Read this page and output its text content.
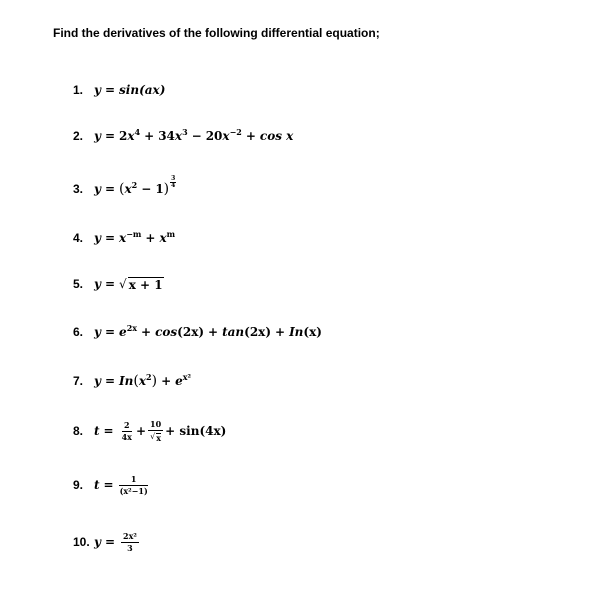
Find the derivatives of the following differential equation;
1. y = sin (ax)
2. y = 2 $x^4 + 34$ $x^3 - 20$ $x^{-2} + \cos$
x
3. y = ( $x^2 - 1$ ) $\frac{3}{4}$
4. $y = x^{-m} + x^m$
5. y = √ x + 1
6. $y = e^{2x} + \cos (2x) + \tan (2x) + In$ (x)
7. y = In ( $x^2$ ) + $e^{x^2}$
8. $t = \frac{2}{4x} + \frac{10}{√ x}$ +
sin (4x)
9. $t = \frac{1}{\text{(x²−1)}}$
10. $y = \frac{\text{2x²}}{3}$
